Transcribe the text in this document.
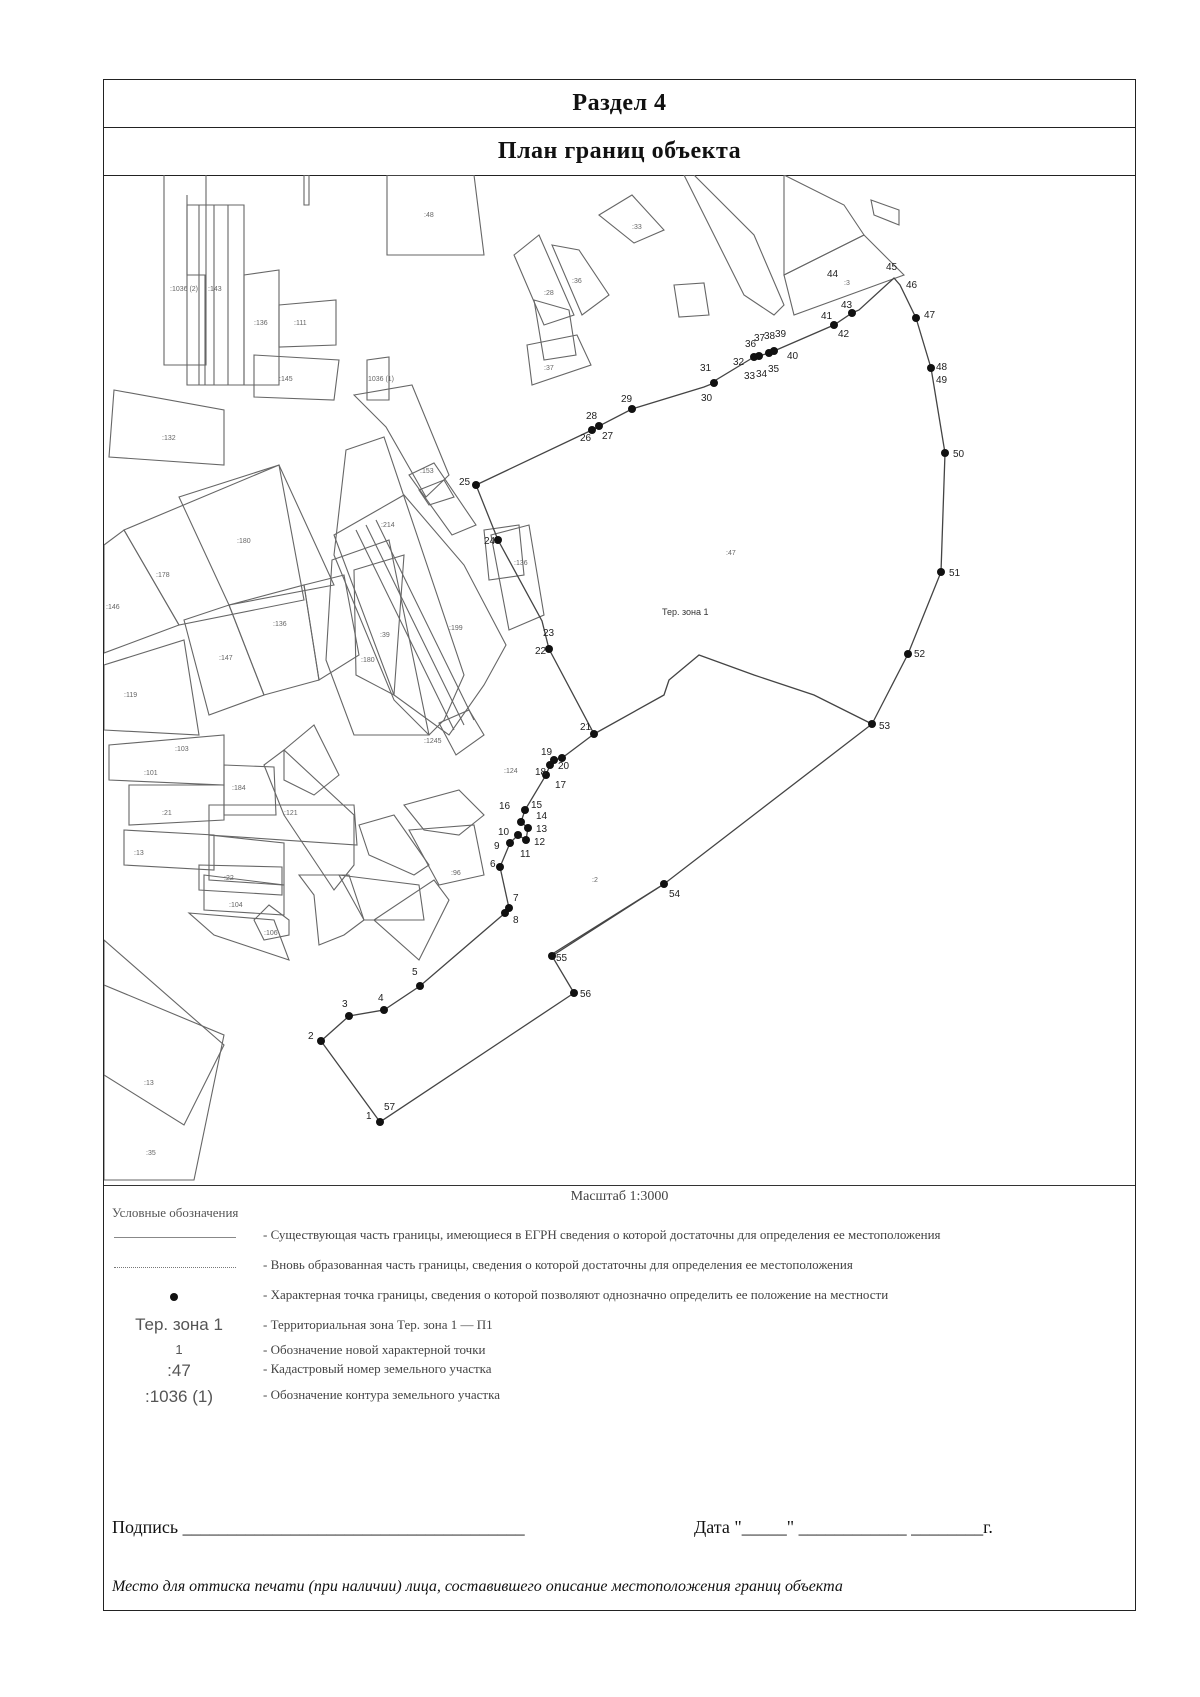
Раздел 4
План границ объекта
1
2
3
4
5
6
7
8
9
10
11
12
13
14
15
16
17
18
19
20
21
22
23
24
25
26 27
28
29	30
31
32
33 34 35
36
37
38 39
40
41
42
43
44
45
46
47
48
49
50
51
52
53
54
55
56
57
:48
:1036 (2) :143
:111
:145	:1036 (1)
:136
:132
:146
:178
:180
:214
:153
:136
:147
:119
:103
:101
:180
:199
:39
:21
:13
:184
:13
:35
:96
:104
:106
:22
:1245
:124
:121
:136
:47
:2
:28
:36
:33
:37
:3
Тер. зона 1
Масштаб 1:3000
Условные обозначения
- Существующая часть границы, имеющиеся в ЕГРН сведения о которой достаточны для определения ее местоположения
- Вновь образованная часть границы, сведения о которой достаточны для определения ее местоположения
- Характерная точка границы, сведения о которой позволяют однозначно определить ее положение на местности
Тер. зона 1	- Территориальная зона Тер. зона 1 — П1
1	- Обозначение новой характерной точки
:47	- Кадастровый номер земельного участка
:1036 (1)	- Обозначение контура земельного участка
Подпись ______________________________________	Дата "_____" ____________ ________г.
Место для оттиска печати (при наличии) лица, составившего описание местоположения границ объекта
